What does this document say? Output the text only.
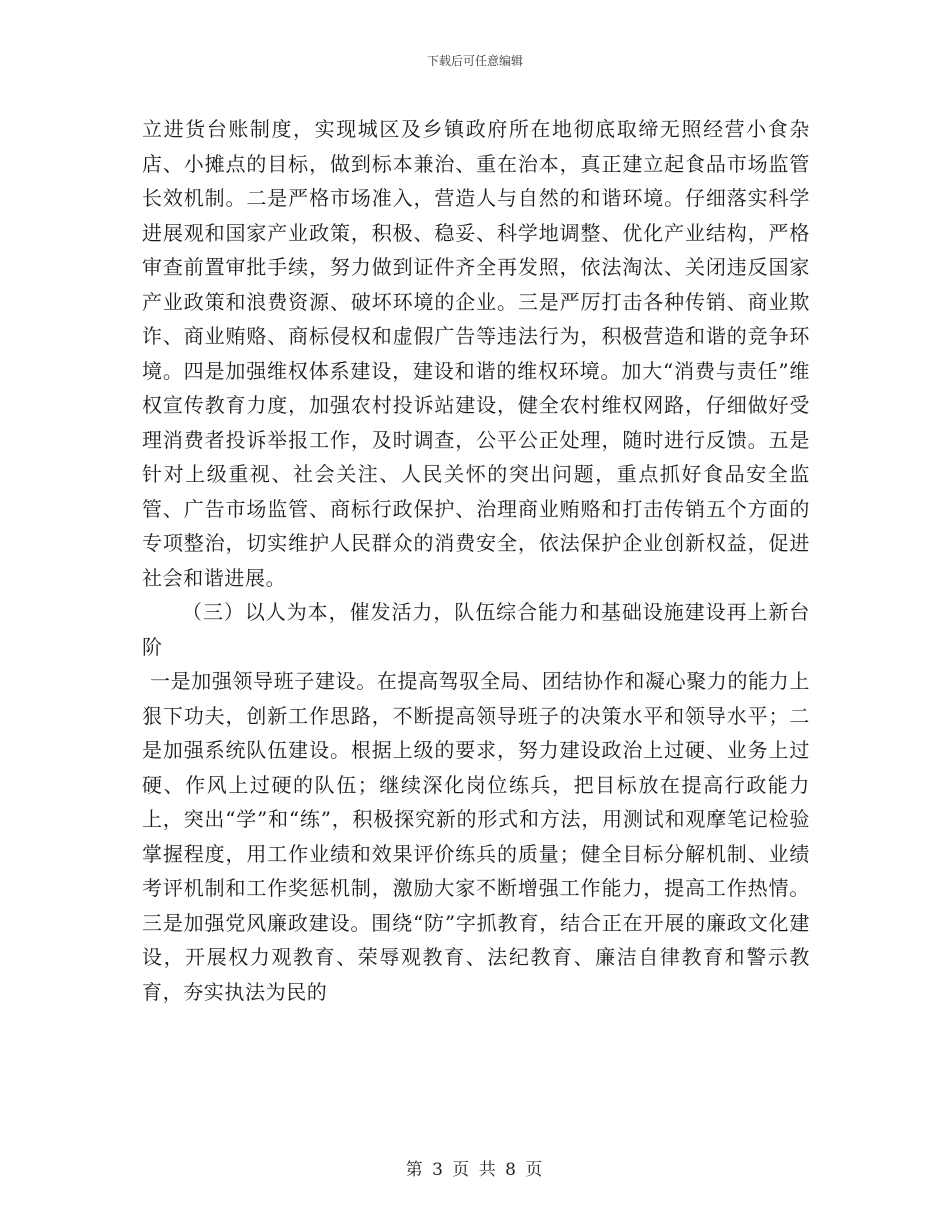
下载后可任意编辑

立进货台账制度，实现城区及乡镇政府所在地彻底取缔无照经营小食杂店、小摊点的目标，做到标本兼治、重在治本，真正建立起食品市场监管长效机制。二是严格市场准入，营造人与自然的和谐环境。仔细落实科学进展观和国家产业政策，积极、稳妥、科学地调整、优化产业结构，严格审查前置审批手续，努力做到证件齐全再发照，依法淘汰、关闭违反国家产业政策和浪费资源、破坏环境的企业。三是严厉打击各种传销、商业欺诈、商业贿赂、商标侵权和虚假广告等违法行为，积极营造和谐的竞争环境。四是加强维权体系建设，建设和谐的维权环境。加大“消费与责任”维权宣传教育力度，加强农村投诉站建设，健全农村维权网路，仔细做好受理消费者投诉举报工作，及时调查，公平公正处理，随时进行反馈。五是针对上级重视、社会关注、人民关怀的突出问题，重点抓好食品安全监管、广告市场监管、商标行政保护、治理商业贿赂和打击传销五个方面的专项整治，切实维护人民群众的消费安全，依法保护企业创新权益，促进社会和谐进展。

（三）以人为本，催发活力，队伍综合能力和基础设施建设再上新台阶

一是加强领导班子建设。在提高驾驭全局、团结协作和凝心聚力的能力上狠下功夫，创新工作思路，不断提高领导班子的决策水平和领导水平；二是加强系统队伍建设。根据上级的要求，努力建设政治上过硬、业务上过硬、作风上过硬的队伍；继续深化岗位练兵，把目标放在提高行政能力上，突出“学”和“练”，积极探究新的形式和方法，用测试和观摩笔记检验掌握程度，用工作业绩和效果评价练兵的质量；健全目标分解机制、业绩考评机制和工作奖惩机制，激励大家不断增强工作能力，提高工作热情。三是加强党风廉政建设。围绕“防”字抓教育，结合正在开展的廉政文化建设，开展权力观教育、荣辱观教育、法纪教育、廉洁自律教育和警示教育，夯实执法为民的

第 3 页 共 8 页
